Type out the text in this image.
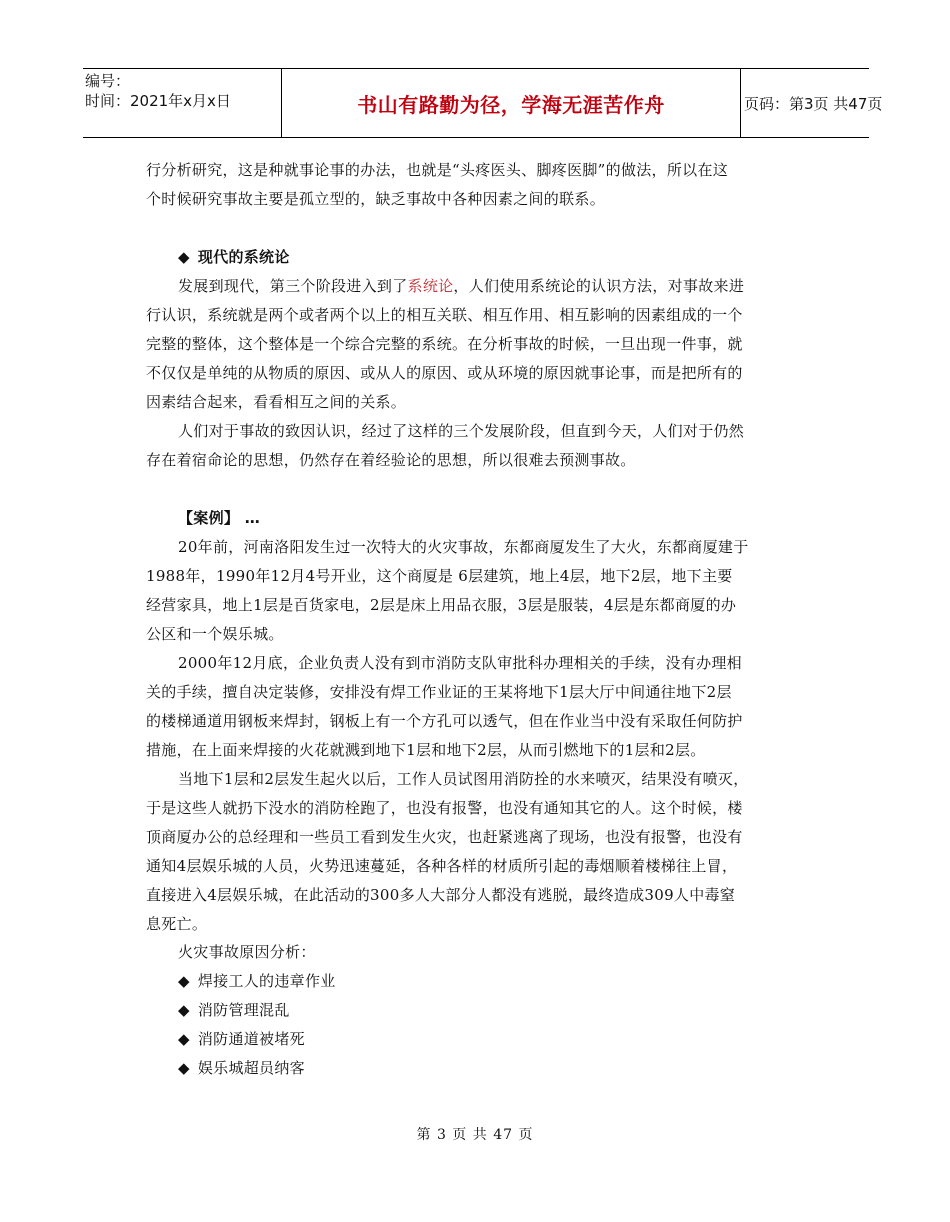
编号：
时间：2021年x月x日	书山有路勤为径，学海无涯苦作舟	页码：第3页 共47页
行分析研究，这是种就事论事的办法，也就是“头疼医头、脚疼医脚”的做法，所以在这
个时候研究事故主要是孤立型的，缺乏事故中各种因素之间的联系。
◆ 现代的系统论
发展到现代，第三个阶段进入到了系统论，人们使用系统论的认识方法，对事故来进
行认识，系统就是两个或者两个以上的相互关联、相互作用、相互影响的因素组成的一个
完整的整体，这个整体是一个综合完整的系统。在分析事故的时候，一旦出现一件事，就
不仅仅是单纯的从物质的原因、或从人的原因、或从环境的原因就事论事，而是把所有的
因素结合起来，看看相互之间的关系。
人们对于事故的致因认识，经过了这样的三个发展阶段，但直到今天，人们对于仍然
存在着宿命论的思想，仍然存在着经验论的思想，所以很难去预测事故。
【案例】 …
20年前，河南洛阳发生过一次特大的火灾事故，东都商厦发生了大火，东都商厦建于
1988年，1990年12月4号开业，这个商厦是 6层建筑，地上4层，地下2层，地下主要
经营家具，地上1层是百货家电，2层是床上用品衣服，3层是服装，4层是东都商厦的办
公区和一个娱乐城。
2000年12月底，企业负责人没有到市消防支队审批科办理相关的手续，没有办理相
关的手续，擅自决定装修，安排没有焊工作业证的王某将地下1层大厅中间通往地下2层
的楼梯通道用钢板来焊封，钢板上有一个方孔可以透气，但在作业当中没有采取任何防护
措施，在上面来焊接的火花就溅到地下1层和地下2层，从而引燃地下的1层和2层。
当地下1层和2层发生起火以后，工作人员试图用消防拴的水来喷灭，结果没有喷灭，
于是这些人就扔下没水的消防栓跑了，也没有报警，也没有通知其它的人。这个时候，楼
顶商厦办公的总经理和一些员工看到发生火灾，也赶紧逃离了现场，也没有报警，也没有
通知4层娱乐城的人员，火势迅速蔓延，各种各样的材质所引起的毒烟顺着楼梯往上冒，
直接进入4层娱乐城，在此活动的300多人大部分人都没有逃脱，最终造成309人中毒窒
息死亡。
火灾事故原因分析：
◆ 焊接工人的违章作业
◆ 消防管理混乱
◆ 消防通道被堵死
◆ 娱乐城超员纳客
第 3 页 共 47 页
